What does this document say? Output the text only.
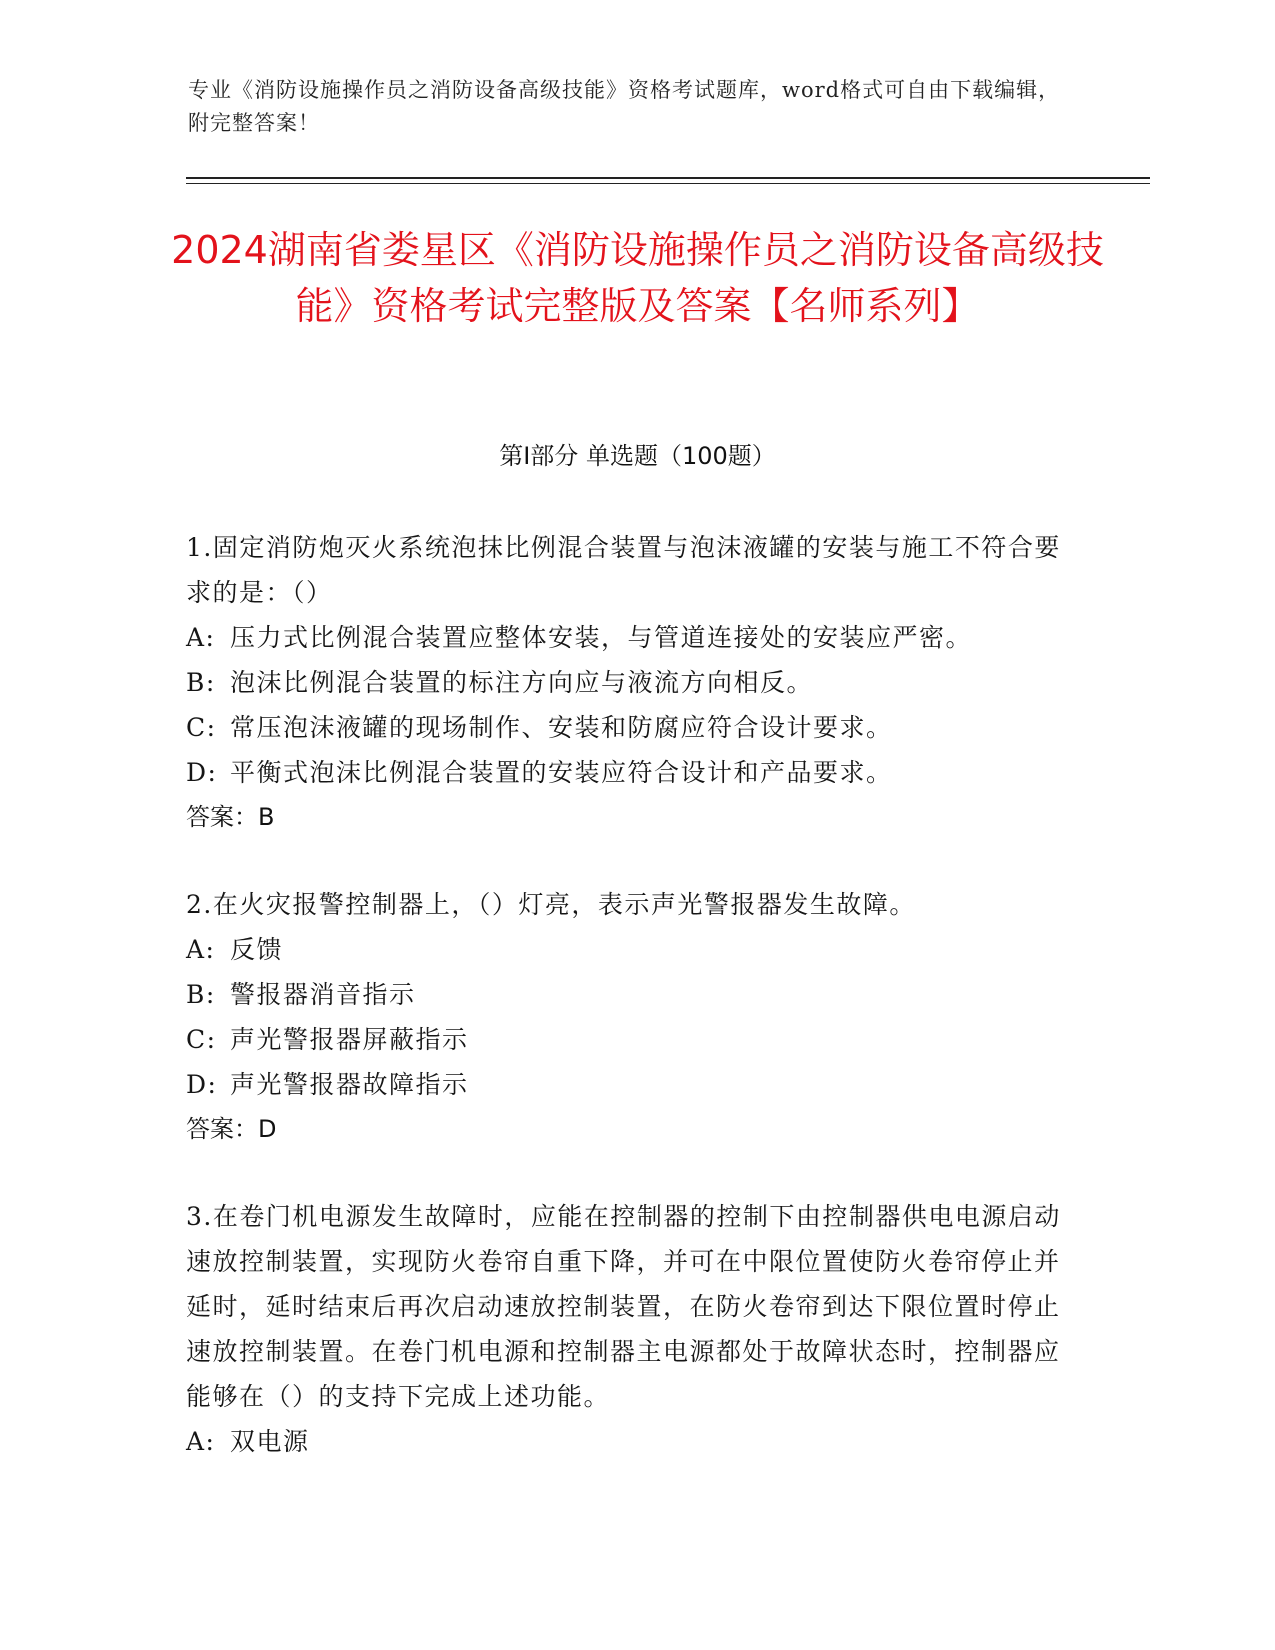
专业《消防设施操作员之消防设备高级技能》资格考试题库，word格式可自由下载编辑，附完整答案！
2024湖南省娄星区《消防设施操作员之消防设备高级技能》资格考试完整版及答案【名师系列】
第I部分 单选题（100题）
1.固定消防炮灭火系统泡抹比例混合装置与泡沫液罐的安装与施工不符合要求的是：（）
A: 压力式比例混合装置应整体安装，与管道连接处的安装应严密。
B: 泡沫比例混合装置的标注方向应与液流方向相反。
C: 常压泡沫液罐的现场制作、安装和防腐应符合设计要求。
D: 平衡式泡沫比例混合装置的安装应符合设计和产品要求。
答案：B
2.在火灾报警控制器上，（）灯亮，表示声光警报器发生故障。
A: 反馈
B: 警报器消音指示
C: 声光警报器屏蔽指示
D: 声光警报器故障指示
答案：D
3.在卷门机电源发生故障时，应能在控制器的控制下由控制器供电电源启动速放控制装置，实现防火卷帘自重下降，并可在中限位置使防火卷帘停止并延时，延时结束后再次启动速放控制装置，在防火卷帘到达下限位置时停止速放控制装置。在卷门机电源和控制器主电源都处于故障状态时，控制器应能够在（）的支持下完成上述功能。
A: 双电源
